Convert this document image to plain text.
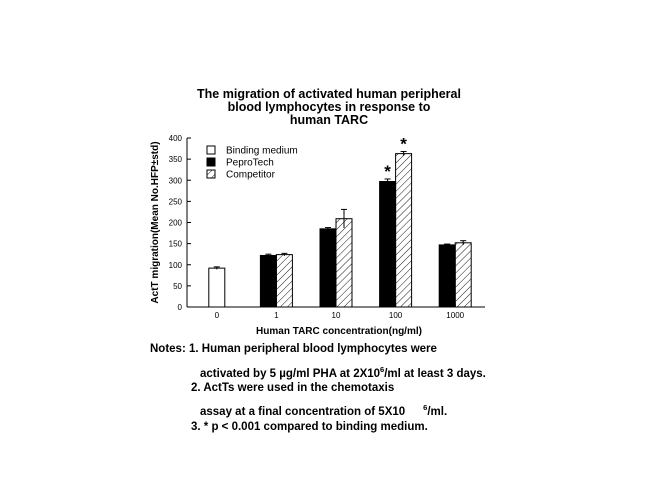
The migration of activated human peripheral
blood lymphocytes in response to
human TARC
0
50
100
150
200
250
300
350
400
ActT migration(Mean No.HFP±std)
Human TARC concentration(ng/ml)
0	1	10	100	1000
*
*
Binding medium
PeproTech
Competitor
Notes: 1. Human peripheral blood lymphocytes were
activated by 5 µg/ml PHA at $2X10^6/ml$ at least 3 days.
2. ActTs were used in the chemotaxis
assay at a final concentration of 5X10 $^6$/ml.
3. * p < 0.001 compared to binding medium.
